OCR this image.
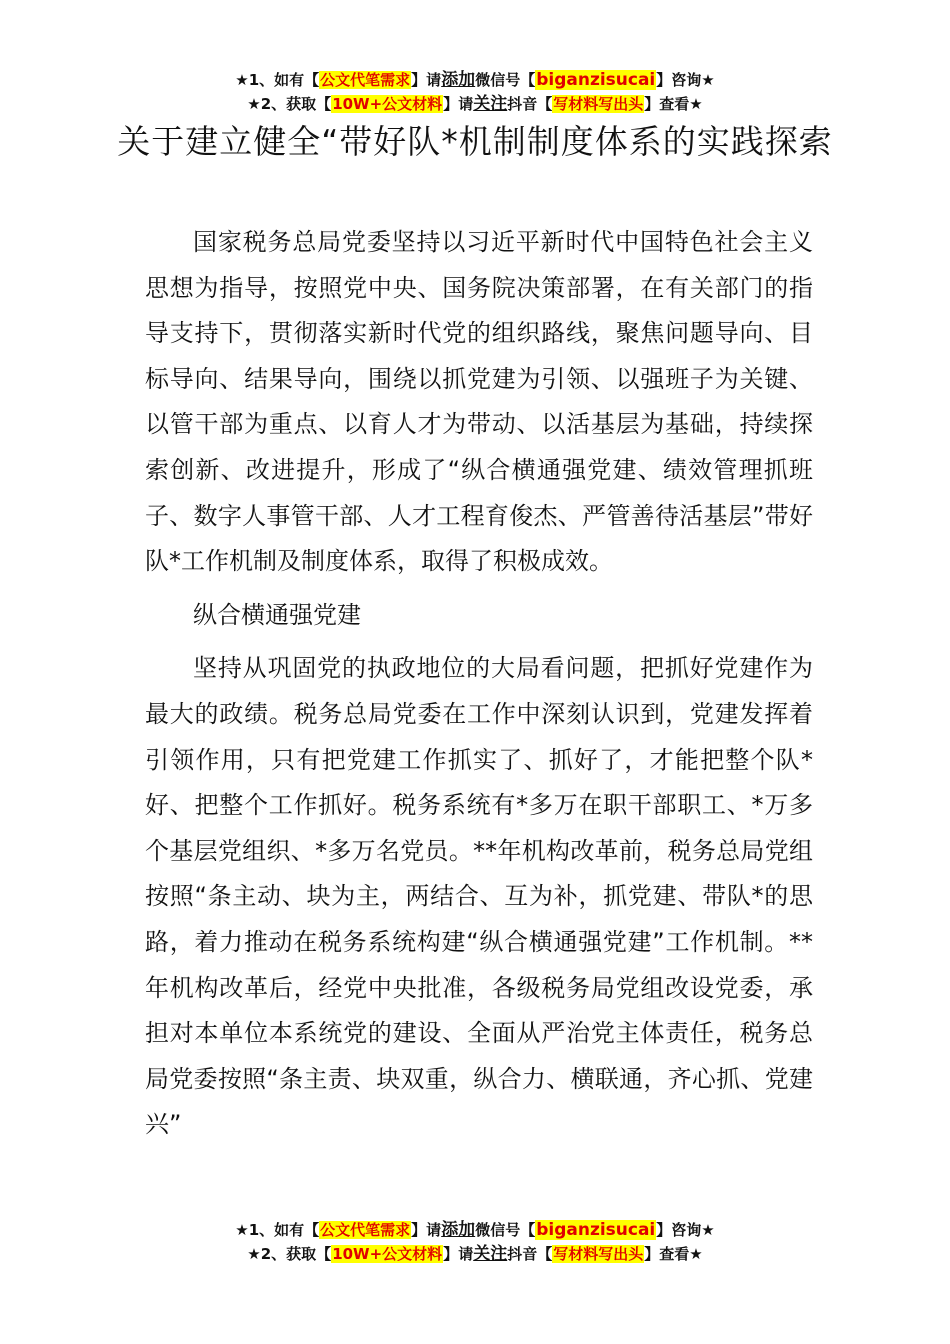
★1、如有【公文代笔需求】请添加微信号【biganzisucai】咨询★
★2、获取【10W+公文材料】请关注抖音【写材料写出头】查看★
关于建立健全“带好队*机制制度体系的实践探索

国家税务总局党委坚持以习近平新时代中国特色社会主义思想为指导，按照党中央、国务院决策部署，在有关部门的指导支持下，贯彻落实新时代党的组织路线，聚焦问题导向、目标导向、结果导向，围绕以抓党建为引领、以强班子为关键、以管干部为重点、以育人才为带动、以活基层为基础，持续探索创新、改进提升，形成了“纵合横通强党建、绩效管理抓班子、数字人事管干部、人才工程育俊杰、严管善待活基层”带好队*工作机制及制度体系，取得了积极成效。

纵合横通强党建

坚持从巩固党的执政地位的大局看问题，把抓好党建作为最大的政绩。税务总局党委在工作中深刻认识到，党建发挥着引领作用，只有把党建工作抓实了、抓好了，才能把整个队*好、把整个工作抓好。税务系统有*多万在职干部职工、*万多个基层党组织、*多万名党员。**年机构改革前，税务总局党组按照“条主动、块为主，两结合、互为补，抓党建、带队*的思路，着力推动在税务系统构建“纵合横通强党建”工作机制。**年机构改革后，经党中央批准，各级税务局党组改设党委，承担对本单位本系统党的建设、全面从严治党主体责任，税务总局党委按照“条主责、块双重，纵合力、横联通，齐心抓、党建兴”

★1、如有【公文代笔需求】请添加微信号【biganzisucai】咨询★
★2、获取【10W+公文材料】请关注抖音【写材料写出头】查看★
